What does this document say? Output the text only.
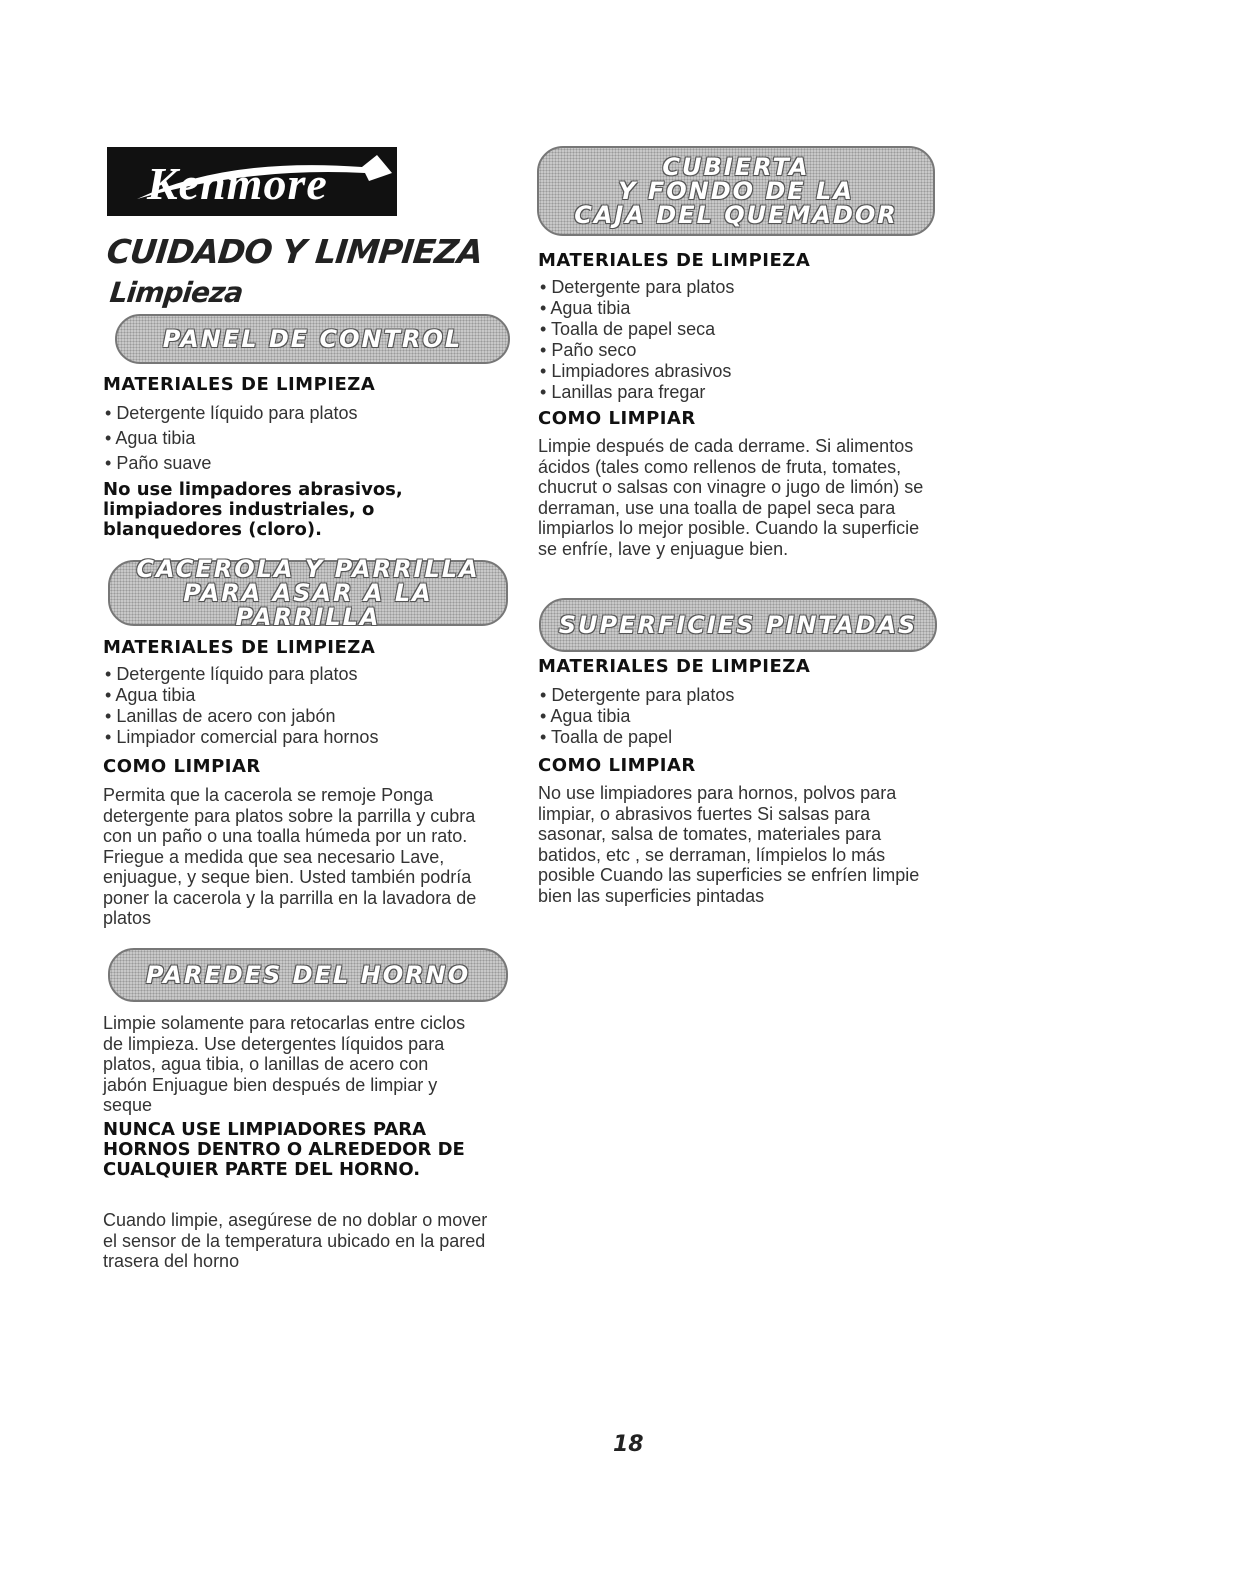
Kenmore
CUIDADO Y LIMPIEZA
Limpieza
PANEL DE CONTROL
MATERIALES DE LIMPIEZA
• Detergente líquido para platos
• Agua tibia
• Paño suave

No use limpadores abrasivos, limpiadores industriales, o blanquedores (cloro).

CACEROLA Y PARRILLA
PARA ASAR A LA PARRILLA
MATERIALES DE LIMPIEZA
• Detergente líquido para platos
• Agua tibia
• Lanillas de acero con jabón
• Limpiador comercial para hornos
COMO LIMPIAR

Permita que la cacerola se remoje Ponga detergente para platos sobre la parrilla y cubra con un paño o una toalla húmeda por un rato. Friegue a medida que sea necesario Lave, enjuague, y seque bien. Usted también podría poner la cacerola y la parrilla en la lavadora de platos

PAREDES DEL HORNO

Limpie solamente para retocarlas entre ciclos de limpieza. Use detergentes líquidos para platos, agua tibia, o lanillas de acero con jabón Enjuague bien después de limpiar y seque

NUNCA USE LIMPIADORES PARA HORNOS DENTRO O ALREDEDOR DE CUALQUIER PARTE DEL HORNO.

Cuando limpie, asegúrese de no doblar o mover el sensor de la temperatura ubicado en la pared trasera del horno

CUBIERTA
Y FONDO DE LA
CAJA DEL QUEMADOR
MATERIALES DE LIMPIEZA
• Detergente para platos
• Agua tibia
• Toalla de papel seca
• Paño seco
• Limpiadores abrasivos
• Lanillas para fregar
COMO LIMPIAR

Limpie después de cada derrame. Si alimentos ácidos (tales como rellenos de fruta, tomates, chucrut o salsas con vinagre o jugo de limón) se derraman, use una toalla de papel seca para limpiarlos lo mejor posible. Cuando la superficie se enfríe, lave y enjuague bien.

SUPERFICIES PINTADAS
MATERIALES DE LIMPIEZA
• Detergente para platos
• Agua tibia
• Toalla de papel
COMO LIMPIAR

No use limpiadores para hornos, polvos para limpiar, o abrasivos fuertes Si salsas para sasonar, salsa de tomates, materiales para batidos, etc , se derraman, límpielos lo más posible Cuando las superficies se enfríen limpie bien las superficies pintadas

18
